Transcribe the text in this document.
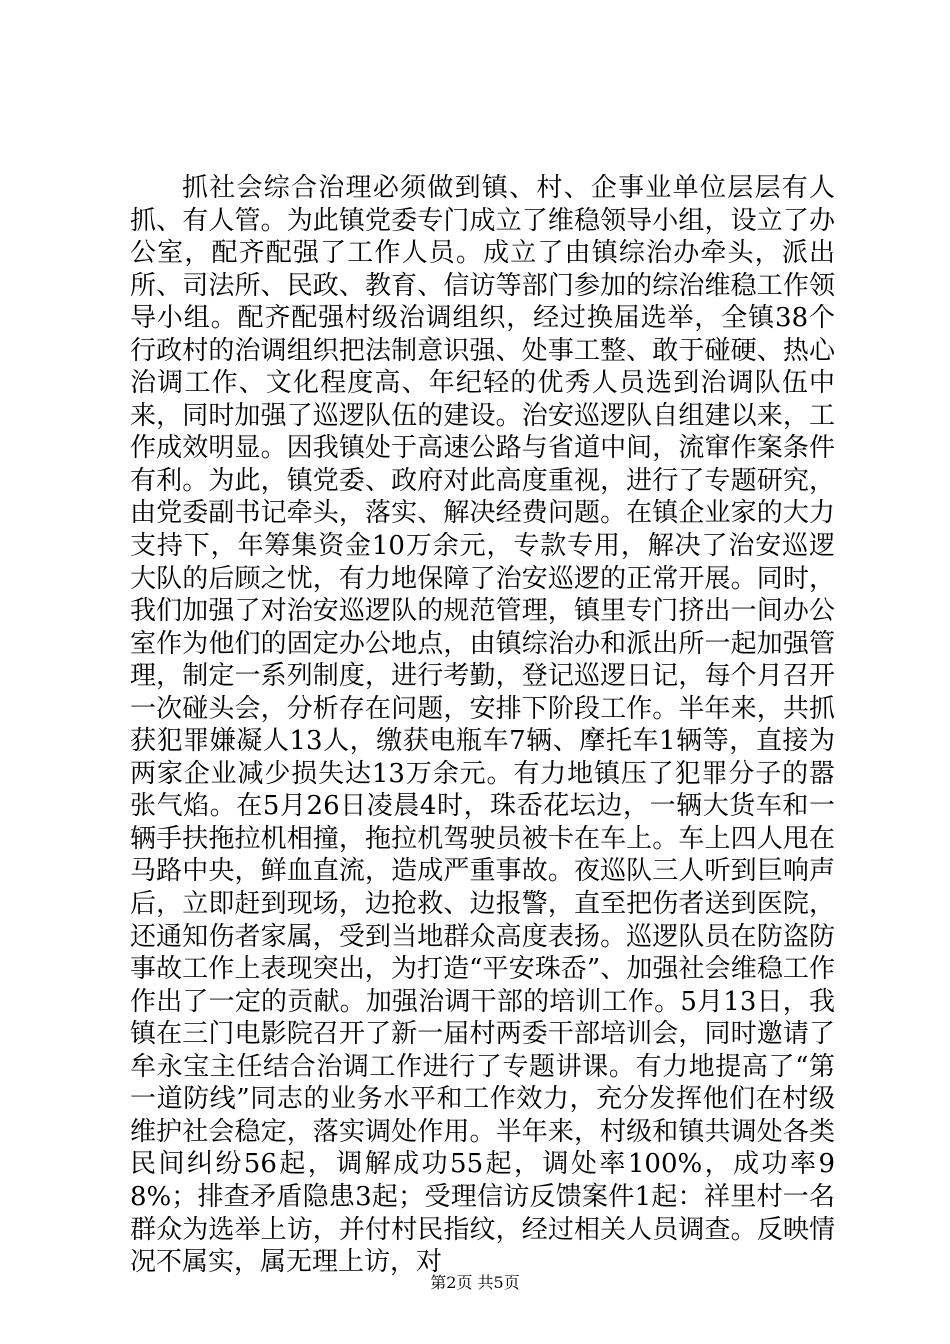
抓社会综合治理必须做到镇、村、企事业单位层层有人抓、有人管。为此镇党委专门成立了维稳领导小组，设立了办公室，配齐配强了工作人员。成立了由镇综治办牵头，派出所、司法所、民政、教育、信访等部门参加的综治维稳工作领导小组。配齐配强村级治调组织，经过换届选举，全镇38个行政村的治调组织把法制意识强、处事工整、敢于碰硬、热心治调工作、文化程度高、年纪轻的优秀人员选到治调队伍中来，同时加强了巡逻队伍的建设。治安巡逻队自组建以来，工作成效明显。因我镇处于高速公路与省道中间，流窜作案条件有利。为此，镇党委、政府对此高度重视，进行了专题研究，由党委副书记牵头，落实、解决经费问题。在镇企业家的大力支持下，年筹集资金10万余元，专款专用，解决了治安巡逻大队的后顾之忧，有力地保障了治安巡逻的正常开展。同时，我们加强了对治安巡逻队的规范管理，镇里专门挤出一间办公室作为他们的固定办公地点，由镇综治办和派出所一起加强管理，制定一系列制度，进行考勤，登记巡逻日记，每个月召开一次碰头会，分析存在问题，安排下阶段工作。半年来，共抓获犯罪嫌凝人13人，缴获电瓶车7辆、摩托车1辆等，直接为两家企业减少损失达13万余元。有力地镇压了犯罪分子的嚣张气焰。在5月26日凌晨4时，珠岙花坛边，一辆大货车和一辆手扶拖拉机相撞，拖拉机驾驶员被卡在车上。车上四人甩在马路中央，鲜血直流，造成严重事故。夜巡队三人听到巨响声后，立即赶到现场，边抢救、边报警，直至把伤者送到医院，还通知伤者家属，受到当地群众高度表扬。巡逻队员在防盗防事故工作上表现突出，为打造“平安珠岙”、加强社会维稳工作作出了一定的贡献。加强治调干部的培训工作。5月13日，我镇在三门电影院召开了新一届村两委干部培训会，同时邀请了牟永宝主任结合治调工作进行了专题讲课。有力地提高了“第一道防线”同志的业务水平和工作效力，充分发挥他们在村级维护社会稳定，落实调处作用。半年来，村级和镇共调处各类民间纠纷56起，调解成功55起，调处率100%，成功率98%；排查矛盾隐患3起；受理信访反馈案件1起：祥里村一名群众为选举上访，并付村民指纹，经过相关人员调查。反映情况不属实，属无理上访，对

第2页 共5页
